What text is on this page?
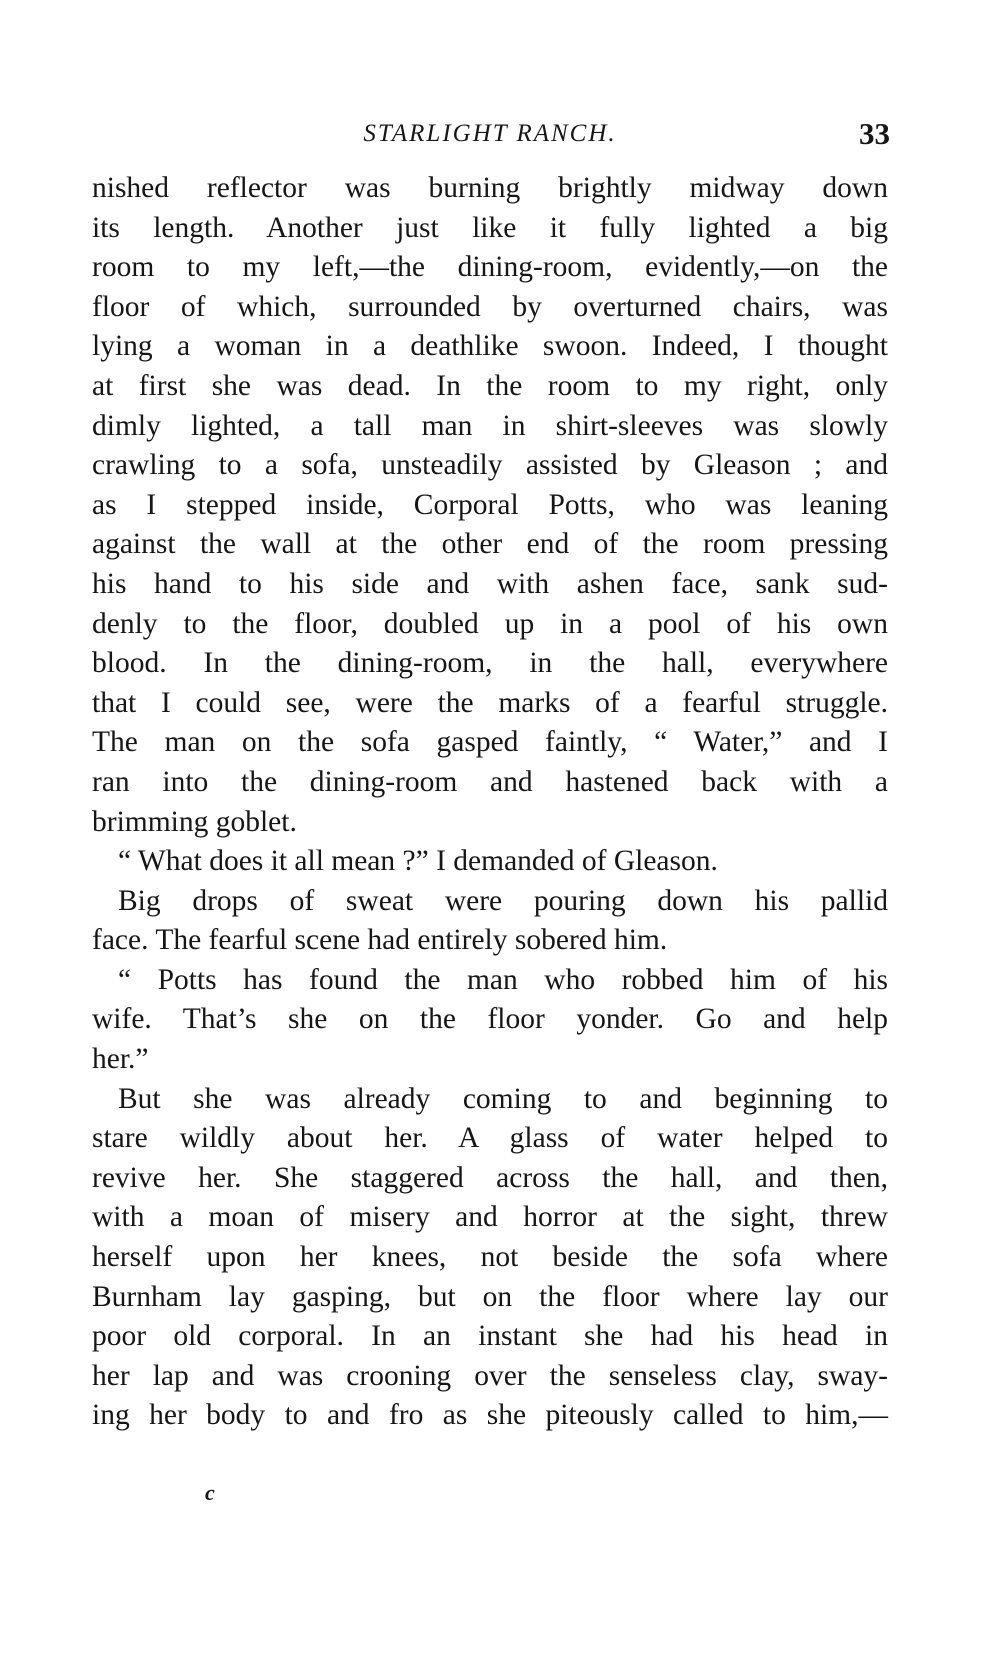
STARLIGHT RANCH.	33
nished reflector was burning brightly midway down
its length. Another just like it fully lighted a big
room to my left,—the dining-room, evidently,—on the
floor of which, surrounded by overturned chairs, was
lying a woman in a deathlike swoon. Indeed, I thought
at first she was dead. In the room to my right, only
dimly lighted, a tall man in shirt-sleeves was slowly
crawling to a sofa, unsteadily assisted by Gleason ; and
as I stepped inside, Corporal Potts, who was leaning
against the wall at the other end of the room pressing
his hand to his side and with ashen face, sank sud-
denly to the floor, doubled up in a pool of his own
blood. In the dining-room, in the hall, everywhere
that I could see, were the marks of a fearful struggle.
The man on the sofa gasped faintly, “ Water,” and I
ran into the dining-room and hastened back with a
brimming goblet.
“ What does it all mean ?” I demanded of Gleason.
Big drops of sweat were pouring down his pallid
face. The fearful scene had entirely sobered him.
“ Potts has found the man who robbed him of his
wife. That’s she on the floor yonder. Go and help
her.”
But she was already coming to and beginning to
stare wildly about her. A glass of water helped to
revive her. She staggered across the hall, and then,
with a moan of misery and horror at the sight, threw
herself upon her knees, not beside the sofa where
Burnham lay gasping, but on the floor where lay our
poor old corporal. In an instant she had his head in
her lap and was crooning over the senseless clay, sway-
ing her body to and fro as she piteously called to him,—
c
